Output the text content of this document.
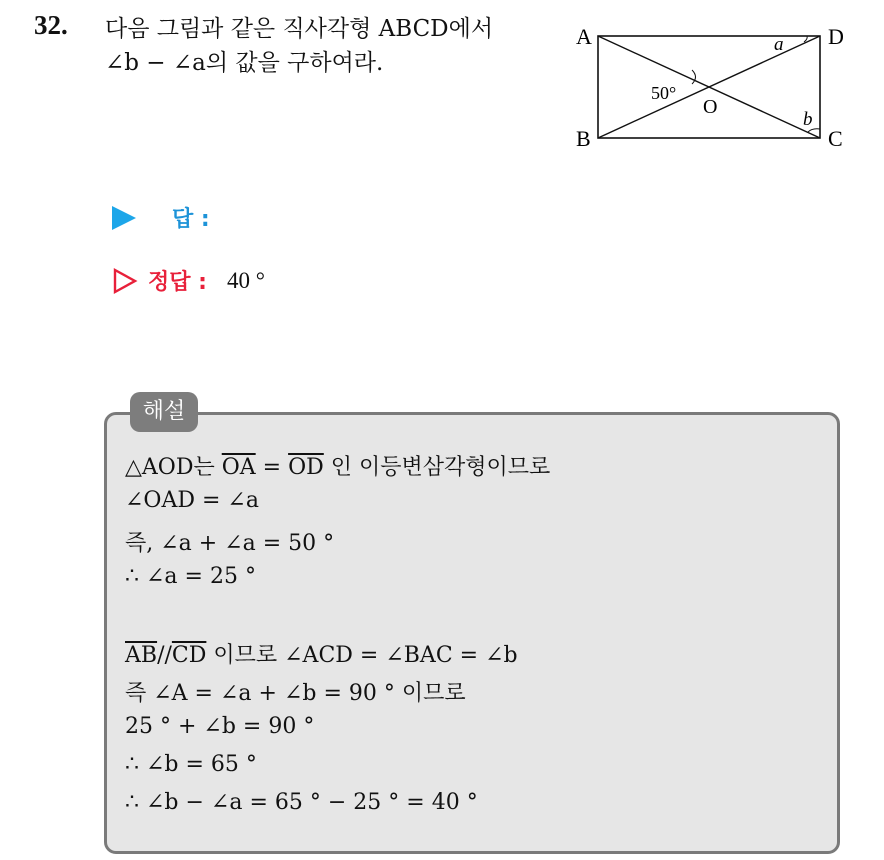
32. 다음 그림과 같은 직사각형 ABCD에서
∠b − ∠a의 값을 구하여라.
A
B	C
D
O
a
b
50°
답 :
정답 : 40 °
해설
△AOD는 $\overline{OA} = \overline{OD}$ 인 이등변삼각형이므로
∠OAD = ∠a
즉, ∠a + ∠a = 50 °
∴ ∠a = 25 °
$\overline{AB}//\overline{CD}$ 이므로 ∠ACD = ∠BAC = ∠b
즉 ∠A = ∠a + ∠b = 90 ° 이므로
25 ° + ∠b = 90 °
∴ ∠b = 65 °
∴ ∠b − ∠a = 65 ° − 25 ° = 40 °
